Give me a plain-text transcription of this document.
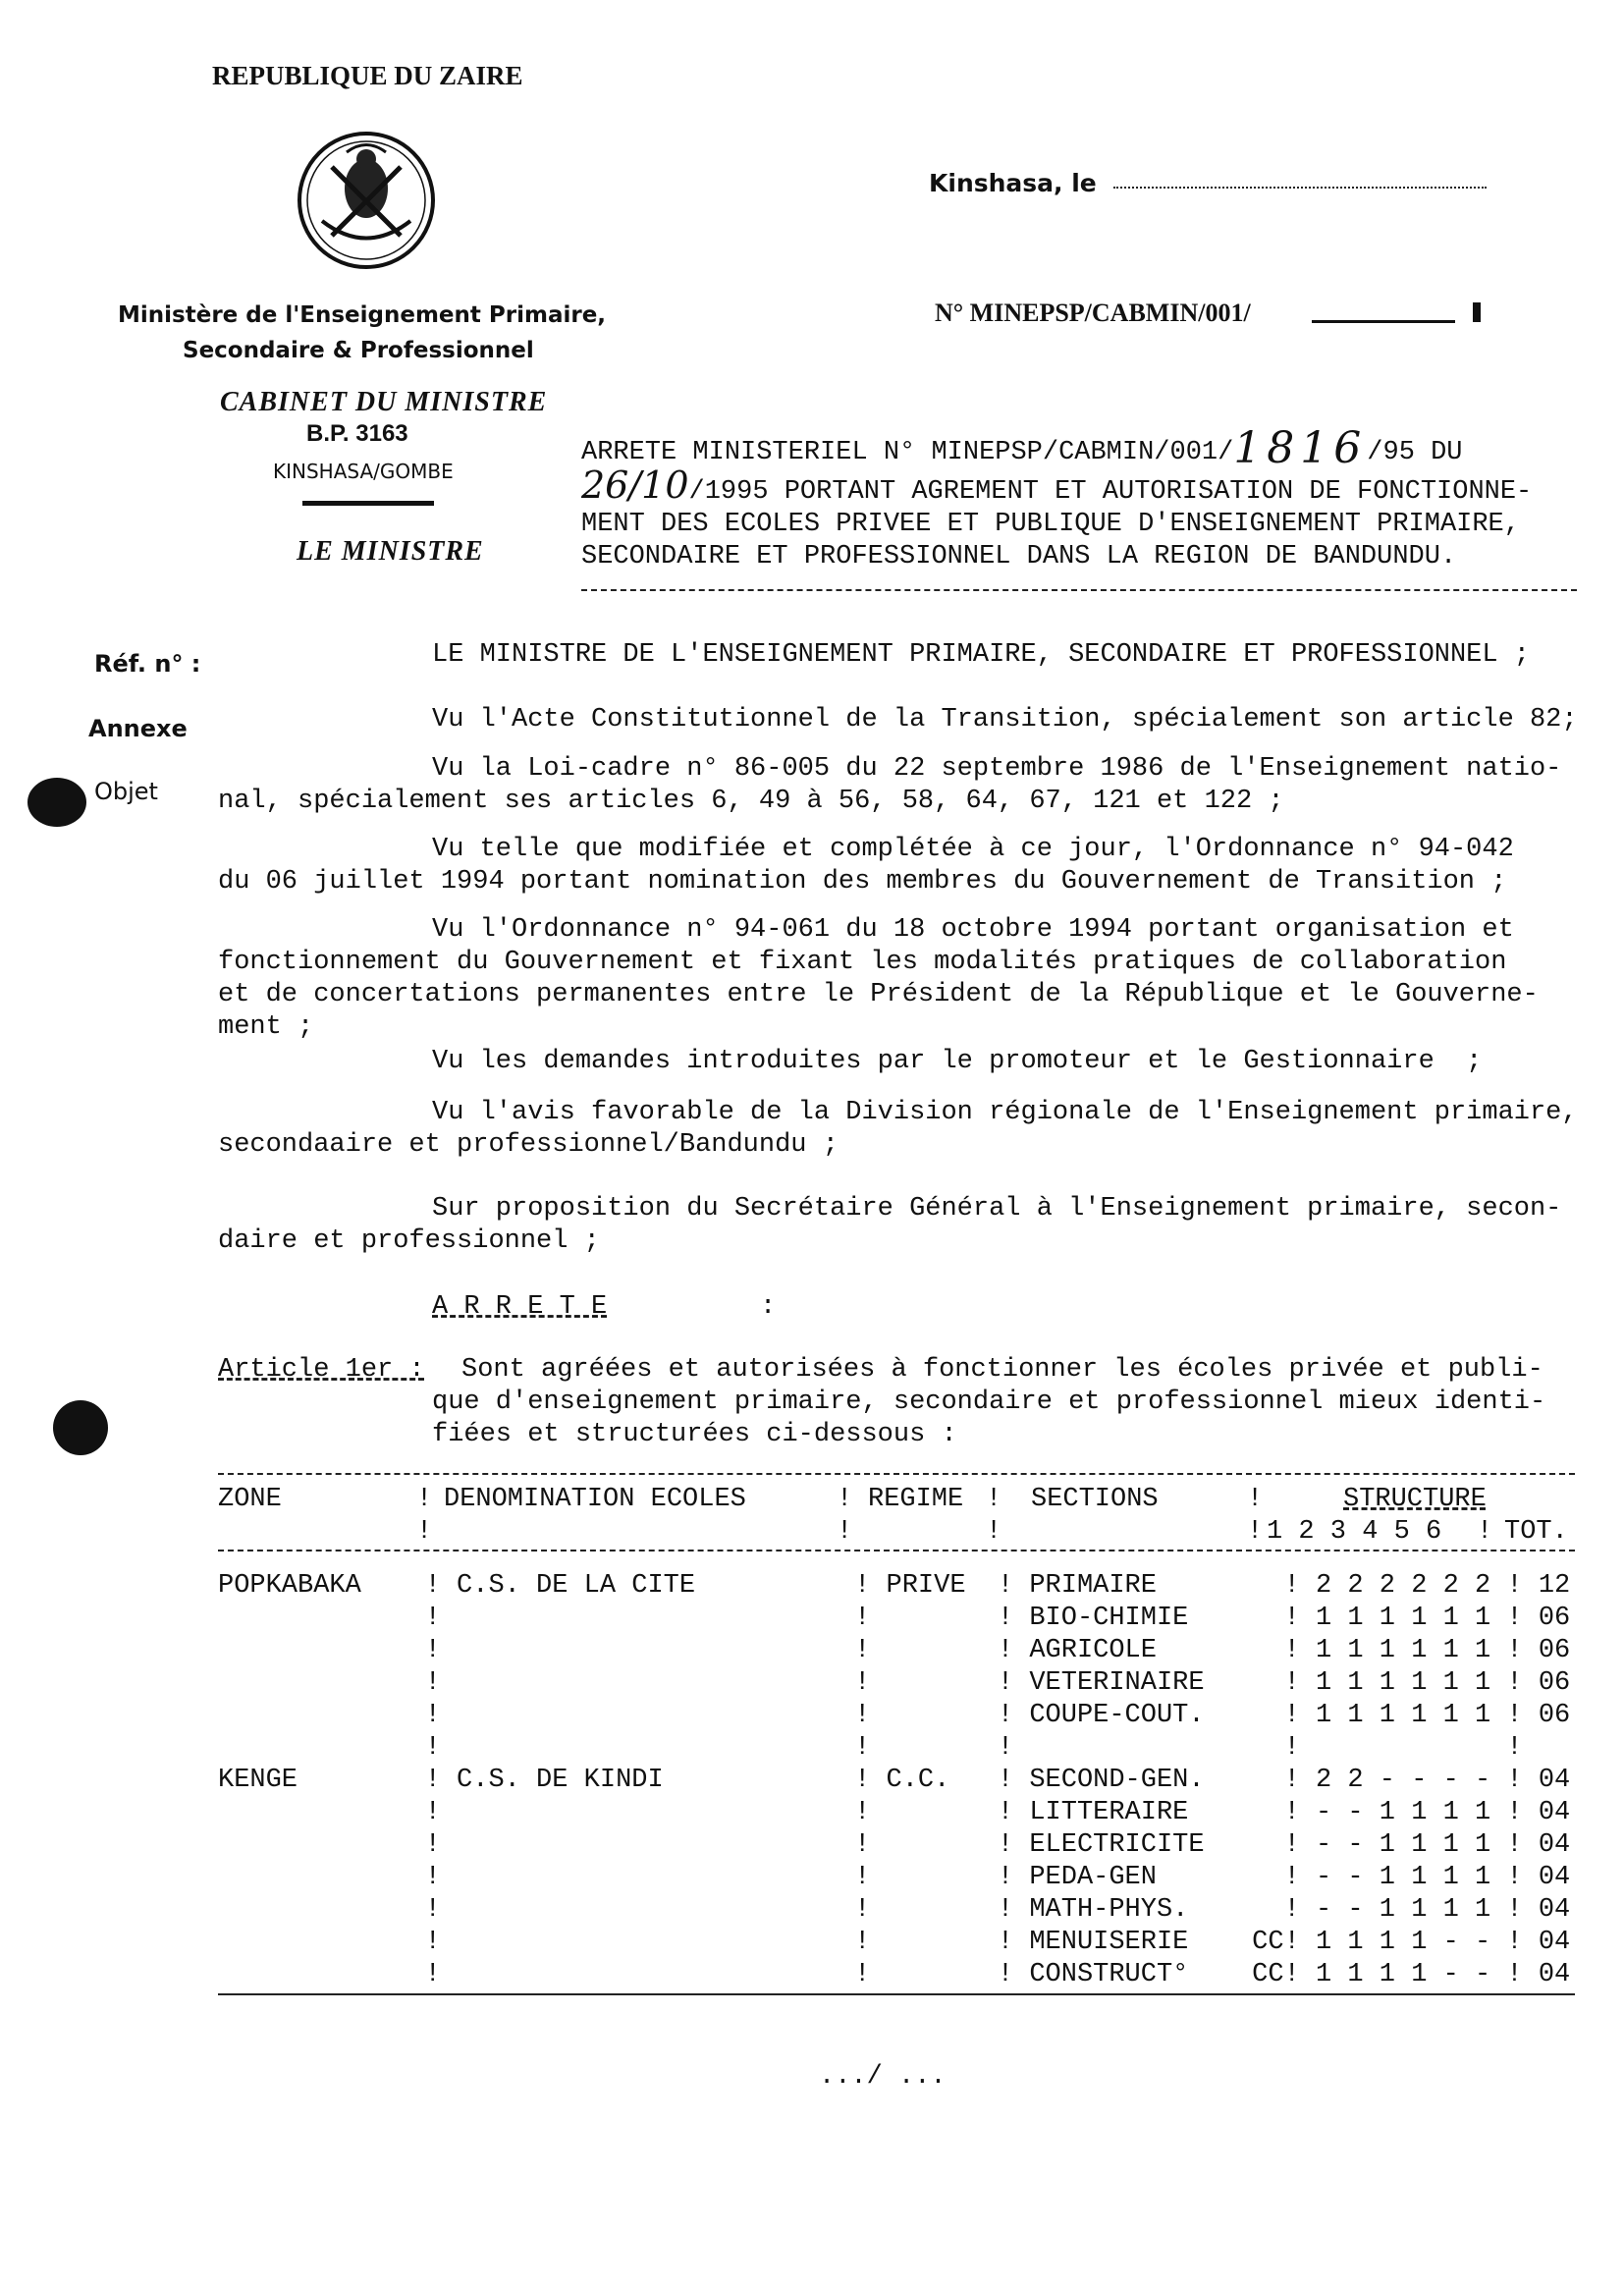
REPUBLIQUE DU ZAIRE
Ministère de l'Enseignement Primaire,
Secondaire & Professionnel
CABINET DU MINISTRE
B.P. 3163
KINSHASA/GOMBE
LE MINISTRE
Kinshasa, le
N° MINEPSP/CABMIN/001/
Réf. n° :
Annexe
Objet
ARRETE MINISTERIEL N° MINEPSP/CABMIN/001/1816/95 DU
26/10/1995 PORTANT AGREMENT ET AUTORISATION DE FONCTIONNE-
MENT DES ECOLES PRIVEE ET PUBLIQUE D'ENSEIGNEMENT PRIMAIRE,
SECONDAIRE ET PROFESSIONNEL DANS LA REGION DE BANDUNDU.
LE MINISTRE DE L'ENSEIGNEMENT PRIMAIRE, SECONDAIRE ET PROFESSIONNEL ;
Vu l'Acte Constitutionnel de la Transition, spécialement son article 82;
Vu la Loi-cadre n° 86-005 du 22 septembre 1986 de l'Enseignement natio-
nal, spécialement ses articles 6, 49 à 56, 58, 64, 67, 121 et 122 ;
Vu telle que modifiée et complétée à ce jour, l'Ordonnance n° 94-042
du 06 juillet 1994 portant nomination des membres du Gouvernement de Transition ;
Vu l'Ordonnance n° 94-061 du 18 octobre 1994 portant organisation et
fonctionnement du Gouvernement et fixant les modalités pratiques de collaboration
et de concertations permanentes entre le Président de la République et le Gouverne-
ment ;
Vu les demandes introduites par le promoteur et le Gestionnaire  ;
Vu l'avis favorable de la Division régionale de l'Enseignement primaire,
secondaaire et professionnel/Bandundu ;
Sur proposition du Secrétaire Général à l'Enseignement primaire, secon-
daire et professionnel ;
A R R E T E	:
Article 1er : Sont agréées et autorisées à fonctionner les écoles privée et publi-
que d'enseignement primaire, secondaire et professionnel mieux identi-
fiées et structurées ci-dessous :
ZONE	! DENOMINATION ECOLES	! REGIME ! SECTIONS	!	STRUCTURE
!	!	!	! 1 2 3 4 5 6 ! TOT.
POPKABAKA    ! C.S. DE LA CITE          ! PRIVE  ! PRIMAIRE        ! 2 2 2 2 2 2 ! 12
!                          !        ! BIO-CHIMIE      ! 1 1 1 1 1 1 ! 06
!                          !        ! AGRICOLE        ! 1 1 1 1 1 1 ! 06
!                          !        ! VETERINAIRE     ! 1 1 1 1 1 1 ! 06
!                          !        ! COUPE-COUT.     ! 1 1 1 1 1 1 ! 06
!                          !        !                 !             !
KENGE        ! C.S. DE KINDI            ! C.C.   ! SECOND-GEN.     ! 2 2 - - - - ! 04
!                          !        ! LITTERAIRE      ! - - 1 1 1 1 ! 04
!                          !        ! ELECTRICITE     ! - - 1 1 1 1 ! 04
!                          !        ! PEDA-GEN        ! - - 1 1 1 1 ! 04
!                          !        ! MATH-PHYS.      ! - - 1 1 1 1 ! 04
!                          !        ! MENUISERIE    CC! 1 1 1 1 - - ! 04
!                          !        ! CONSTRUCT°    CC! 1 1 1 1 - - ! 04
.../ ...
